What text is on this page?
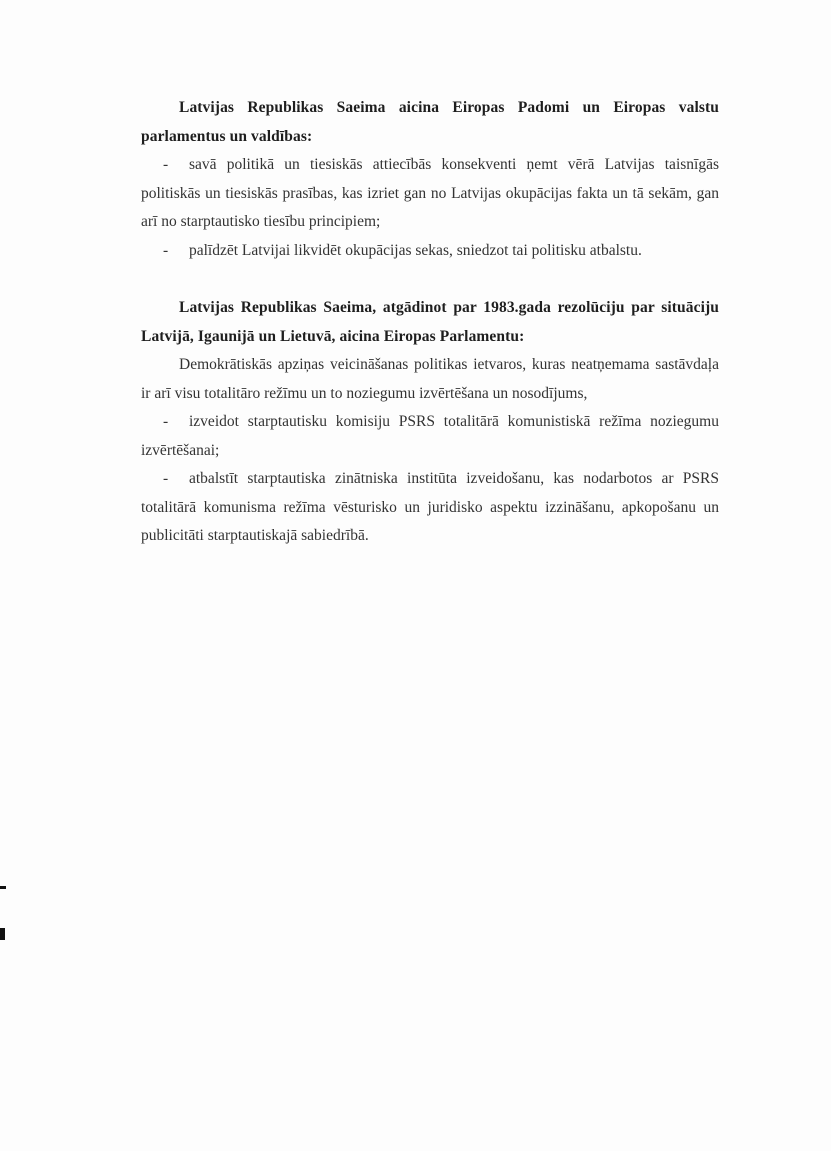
Latvijas Republikas Saeima aicina Eiropas Padomi un Eiropas valstu parlamentus un valdības:

- savā politikā un tiesiskās attiecībās konsekventi ņemt vērā Latvijas taisnīgās politiskās un tiesiskās prasības, kas izriet gan no Latvijas okupācijas fakta un tā sekām, gan arī no starptautisko tiesību principiem;

- palīdzēt Latvijai likvidēt okupācijas sekas, sniedzot tai politisku atbalstu.

Latvijas Republikas Saeima, atgādinot par 1983.gada rezolūciju par situāciju Latvijā, Igaunijā un Lietuvā, aicina Eiropas Parlamentu:

Demokrātiskās apziņas veicināšanas politikas ietvaros, kuras neatņemama sastāvdaļa ir arī visu totalitāro režīmu un to noziegumu izvērtēšana un nosodījums,

- izveidot starptautisku komisiju PSRS totalitārā komunistiskā režīma noziegumu izvērtēšanai;

- atbalstīt starptautiska zinātniska institūta izveidošanu, kas nodarbotos ar PSRS totalitārā komunisma režīma vēsturisko un juridisko aspektu izzināšanu, apkopošanu un publicitāti starptautiskajā sabiedrībā.
